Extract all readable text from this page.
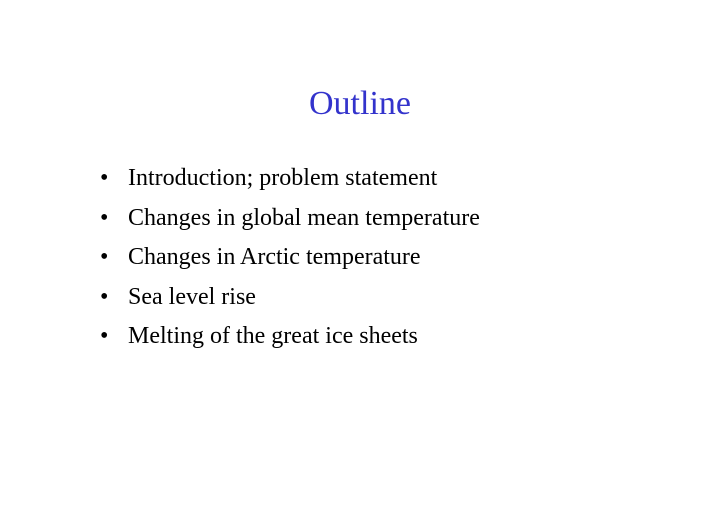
Outline
• Introduction; problem statement
• Changes in global mean temperature
• Changes in Arctic temperature
• Sea level rise
• Melting of the great ice sheets
